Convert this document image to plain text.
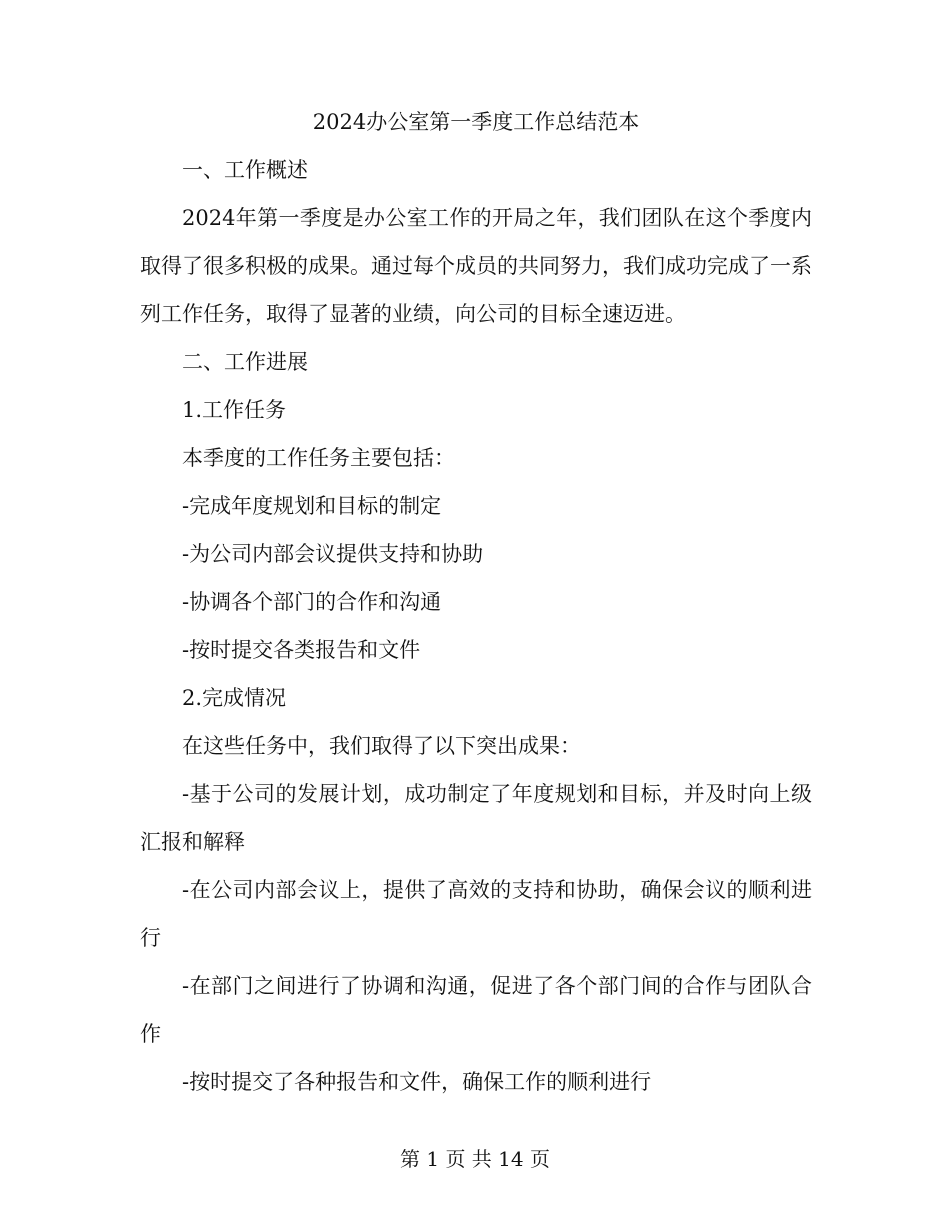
2024办公室第一季度工作总结范本

一、工作概述

2024年第一季度是办公室工作的开局之年，我们团队在这个季度内取得了很多积极的成果。通过每个成员的共同努力，我们成功完成了一系列工作任务，取得了显著的业绩，向公司的目标全速迈进。

二、工作进展

1.工作任务

本季度的工作任务主要包括：

-完成年度规划和目标的制定

-为公司内部会议提供支持和协助

-协调各个部门的合作和沟通

-按时提交各类报告和文件

2.完成情况

在这些任务中，我们取得了以下突出成果：

-基于公司的发展计划，成功制定了年度规划和目标，并及时向上级汇报和解释

-在公司内部会议上，提供了高效的支持和协助，确保会议的顺利进行

-在部门之间进行了协调和沟通，促进了各个部门间的合作与团队合作

-按时提交了各种报告和文件，确保工作的顺利进行

第 1 页 共 14 页
